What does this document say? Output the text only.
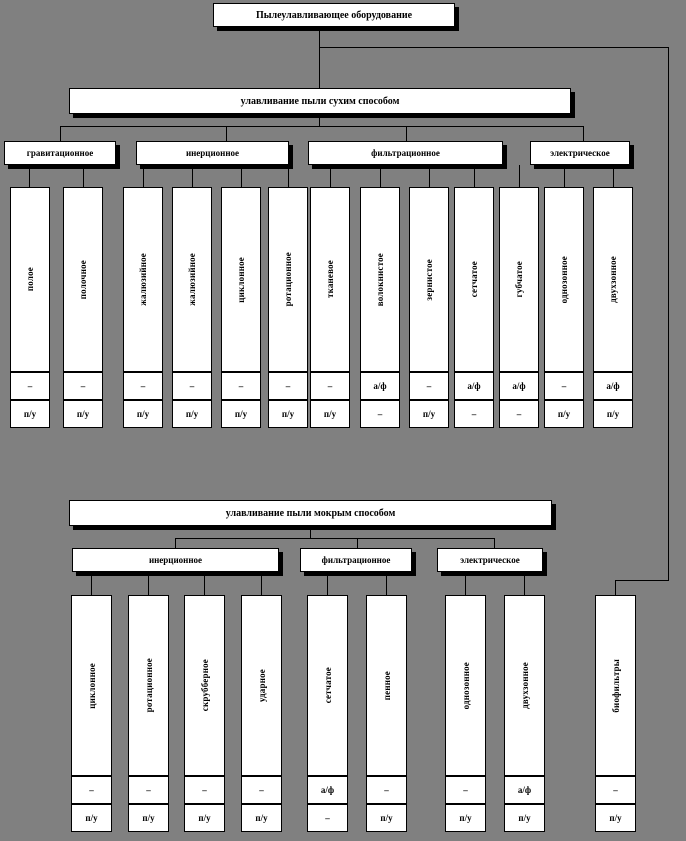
Пылеулавливающее оборудование
улавливание пыли сухим способом
гравитационное	инерционное	фильтрационное	электрическое
полое
–
п/у
полочное
–
п/у
жалюзийное
–
п/у
жалюзийное
–
п/у
циклонное
–
п/у
ротационное
–
п/у
тканевое
–
п/у
волокнистое
а/ф
–
зернистое
–
п/у
сетчатое
а/ф
–
губчатое
а/ф
–
однозонное
–
п/у
двухзонное
а/ф
п/у
улавливание пыли мокрым способом
инерционное	фильтрационное	электрическое
циклонное
–
п/у
ротационное
–
п/у
скрубберное
–
п/у
ударное
–
п/у
сетчатое
а/ф
–
пенное
–
п/у
однозонное
–
п/у
двухзонное
а/ф
п/у
биофильтры
–
п/у
